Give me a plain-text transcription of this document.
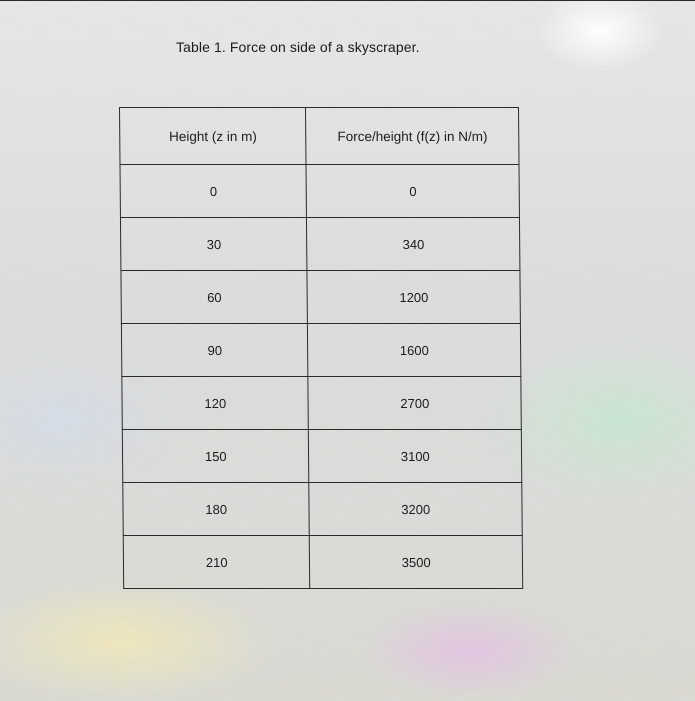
Table 1. Force on side of a skyscraper.
Height (z in m)	Force/height (f(z) in N/m)
0	0
30	340
60	1200
90	1600
120	2700
150	3100
180	3200
210	3500
